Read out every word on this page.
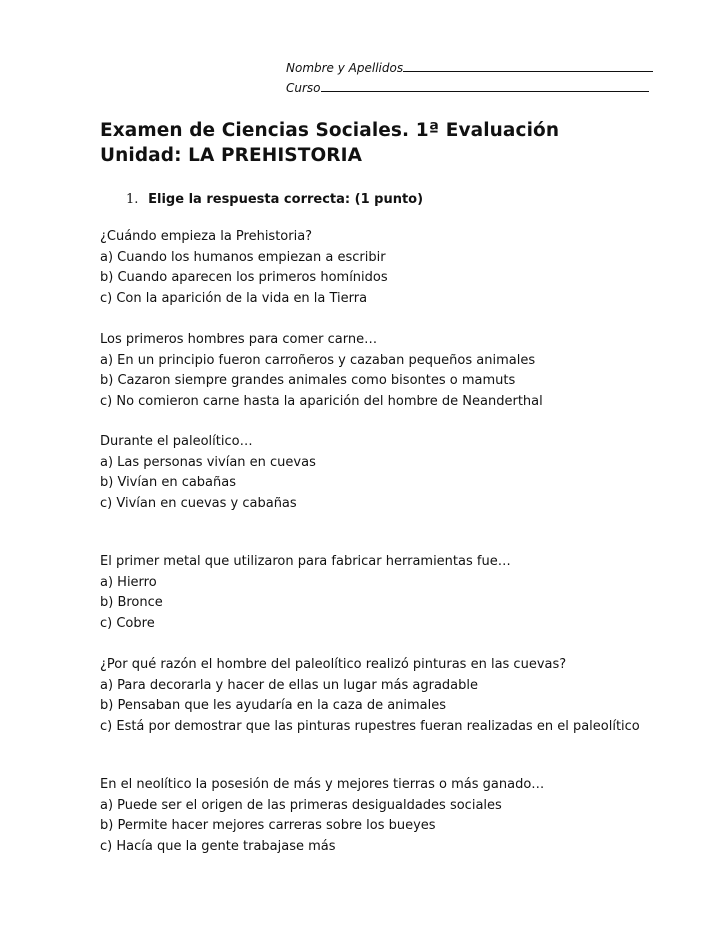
Nombre y Apellidos
Curso
Examen de Ciencias Sociales. 1ª Evaluación
Unidad: LA PREHISTORIA
1. Elige la respuesta correcta: (1 punto)
¿Cuándo empieza la Prehistoria?
a) Cuando los humanos empiezan a escribir
b) Cuando aparecen los primeros homínidos
c) Con la aparición de la vida en la Tierra
Los primeros hombres para comer carne…
a) En un principio fueron carroñeros y cazaban pequeños animales
b) Cazaron siempre grandes animales como bisontes o mamuts
c) No comieron carne hasta la aparición del hombre de Neanderthal
Durante el paleolítico…
a) Las personas vivían en cuevas
b) Vivían en cabañas
c) Vivían en cuevas y cabañas
El primer metal que utilizaron para fabricar herramientas fue…
a) Hierro
b) Bronce
c) Cobre
¿Por qué razón el hombre del paleolítico realizó pinturas en las cuevas?
a) Para decorarla y hacer de ellas un lugar más agradable
b) Pensaban que les ayudaría en la caza de animales
c) Está por demostrar que las pinturas rupestres fueran realizadas en el paleolítico
En el neolítico la posesión de más y mejores tierras o más ganado…
a) Puede ser el origen de las primeras desigualdades sociales
b) Permite hacer mejores carreras sobre los bueyes
c) Hacía que la gente trabajase más
